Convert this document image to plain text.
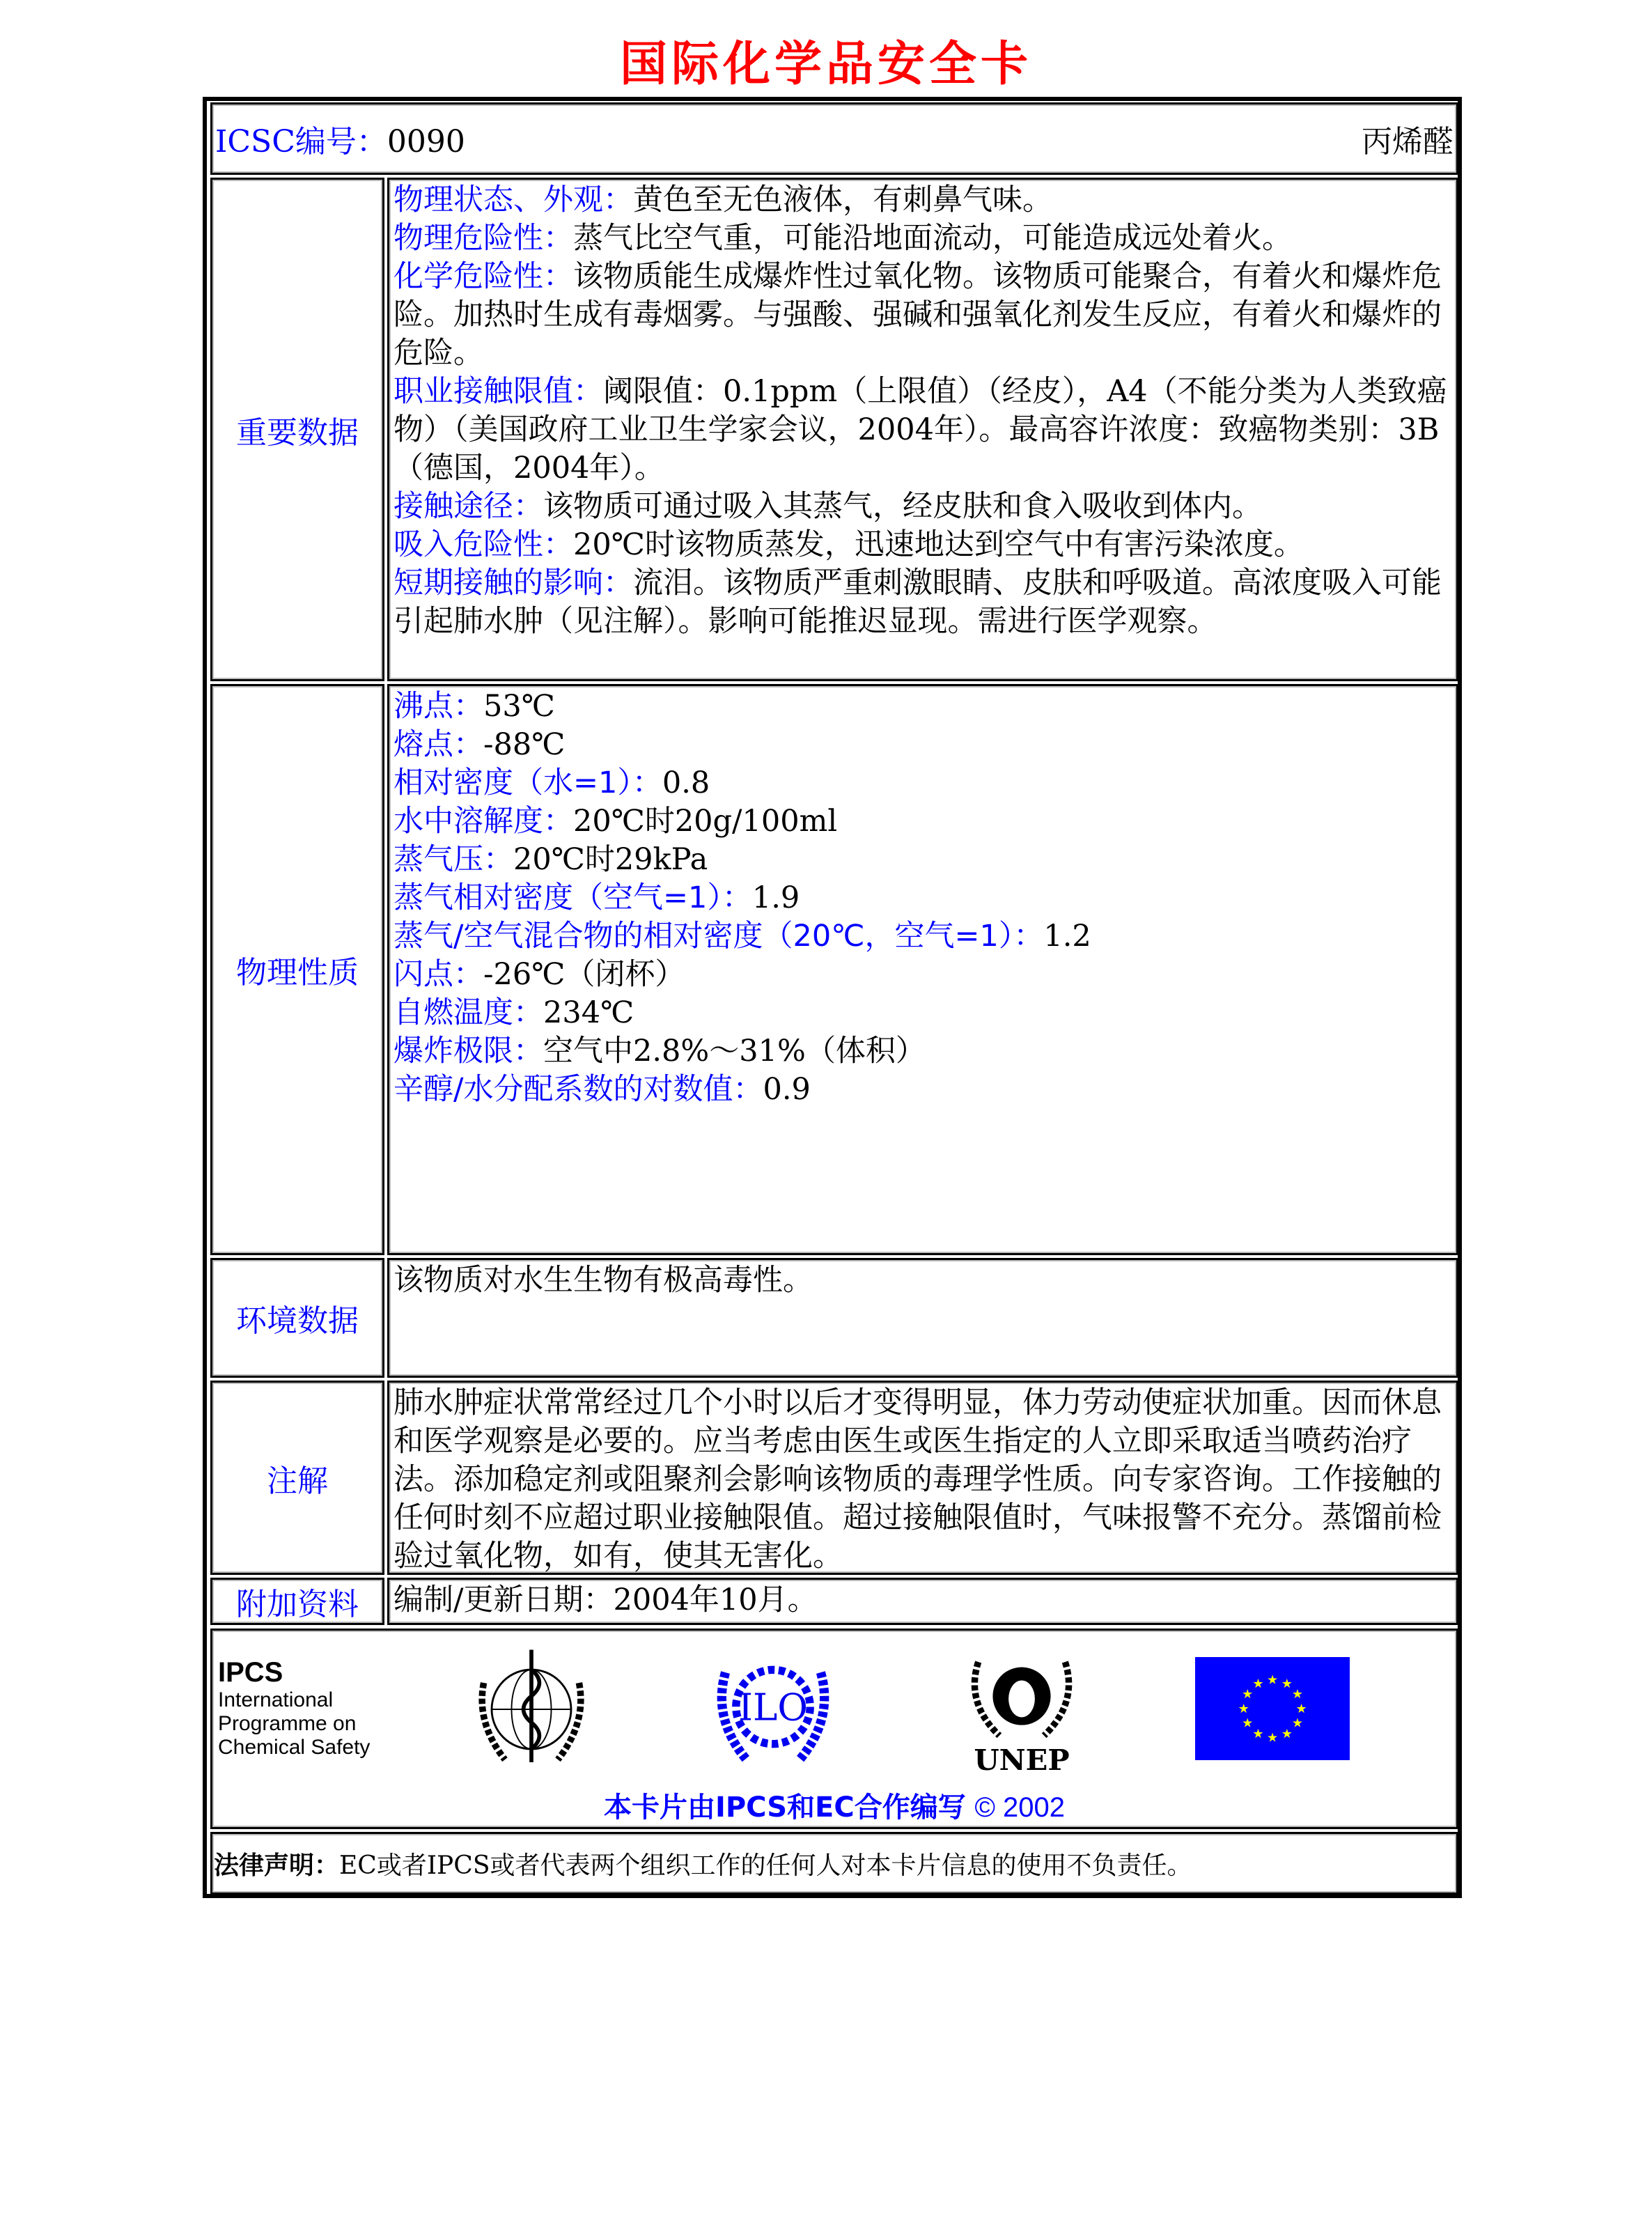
国际化学品安全卡
ICSC编号：0090	丙烯醛
重要数据
物理状态、外观：黄色至无色液体，有刺鼻气味。
物理危险性：蒸气比空气重，可能沿地面流动，可能造成远处着火。
化学危险性：该物质能生成爆炸性过氧化物。该物质可能聚合，有着火和爆炸危险。加热时生成有毒烟雾。与强酸、强碱和强氧化剂发生反应，有着火和爆炸的危险。
职业接触限值：阈限值：0.1ppm（上限值）（经皮），A4（不能分类为人类致癌物）（美国政府工业卫生学家会议，2004年）。最高容许浓度：致癌物类别：3B（德国，2004年）。
接触途径：该物质可通过吸入其蒸气，经皮肤和食入吸收到体内。
吸入危险性：20℃时该物质蒸发，迅速地达到空气中有害污染浓度。
短期接触的影响：流泪。该物质严重刺激眼睛、皮肤和呼吸道。高浓度吸入可能引起肺水肿（见注解）。影响可能推迟显现。需进行医学观察。
物理性质
沸点：53℃
熔点：-88℃
相对密度（水=1）：0.8
水中溶解度：20℃时20g/100ml
蒸气压：20℃时29kPa
蒸气相对密度（空气=1）：1.9
蒸气/空气混合物的相对密度（20℃，空气=1）：1.2
闪点：-26℃（闭杯）
自燃温度：234℃
爆炸极限：空气中2.8%～31%（体积）
辛醇/水分配系数的对数值：0.9
环境数据
该物质对水生生物有极高毒性。
注解
肺水肿症状常常经过几个小时以后才变得明显，体力劳动使症状加重。因而休息和医学观察是必要的。应当考虑由医生或医生指定的人立即采取适当喷药治疗法。添加稳定剂或阻聚剂会影响该物质的毒理学性质。向专家咨询。工作接触的任何时刻不应超过职业接触限值。超过接触限值时，气味报警不充分。蒸馏前检验过氧化物，如有，使其无害化。
附加资料	编制/更新日期：2004年10月。
IPCS
International
Programme on
Chemical Safety
ILO
UNEP
★ ★
★
★
★
★
★
★
★
★
★
★
本卡片由IPCS和EC合作编写 © 2002
法律声明： EC或者IPCS或者代表两个组织工作的任何人对本卡片信息的使用不负责任。
